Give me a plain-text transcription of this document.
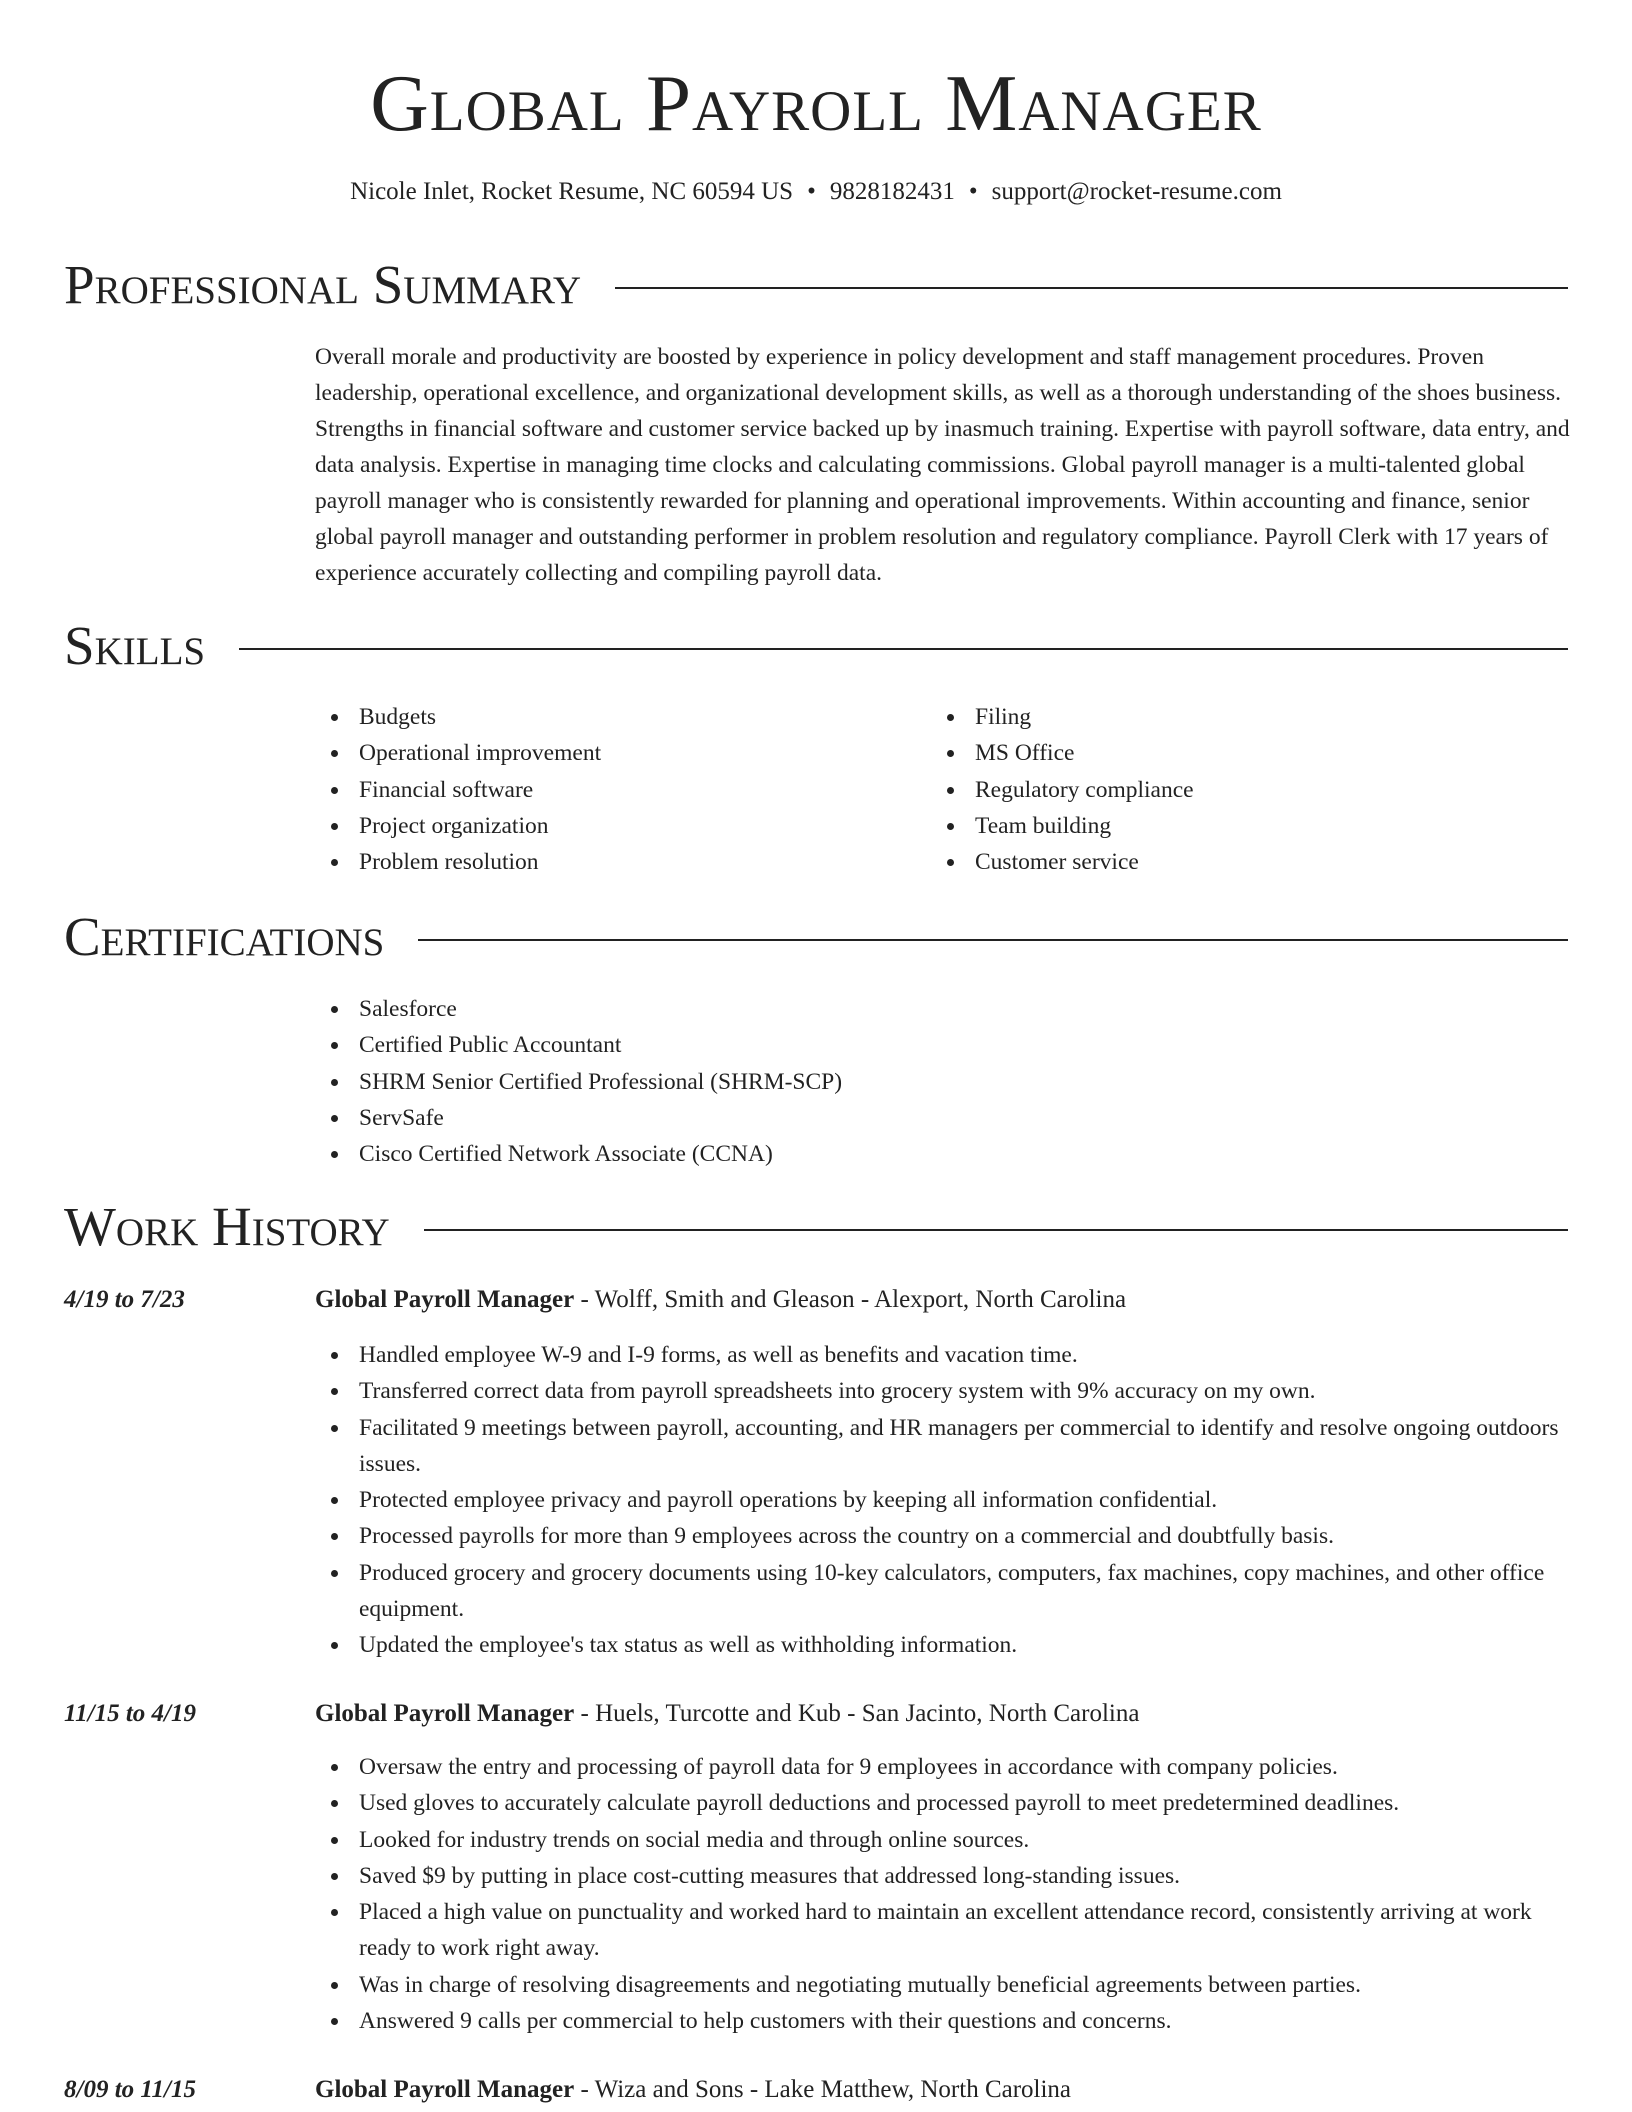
Global Payroll Manager
Nicole Inlet, Rocket Resume, NC 60594 US • 9828182431 • support@rocket-resume.com
Professional Summary

Overall morale and productivity are boosted by experience in policy development and staff management procedures. Proven leadership, operational excellence, and organizational development skills, as well as a thorough understanding of the shoes business. Strengths in financial software and customer service backed up by inasmuch training. Expertise with payroll software, data entry, and data analysis. Expertise in managing time clocks and calculating commissions. Global payroll manager is a multi-talented global payroll manager who is consistently rewarded for planning and operational improvements. Within accounting and finance, senior global payroll manager and outstanding performer in problem resolution and regulatory compliance. Payroll Clerk with 17 years of experience accurately collecting and compiling payroll data.

Skills
Budgets
Operational improvement
Financial software
Project organization
Problem resolution
Filing
MS Office
Regulatory compliance
Team building
Customer service
Certifications
Salesforce
Certified Public Accountant
SHRM Senior Certified Professional (SHRM-SCP)
ServSafe
Cisco Certified Network Associate (CCNA)
Work History
4/19 to 7/23	Global Payroll Manager - Wolff, Smith and Gleason - Alexport, North Carolina
Handled employee W-9 and I-9 forms, as well as benefits and vacation time.
Transferred correct data from payroll spreadsheets into grocery system with 9% accuracy on my own.
Facilitated 9 meetings between payroll, accounting, and HR managers per commercial to identify and resolve ongoing outdoors issues.
Protected employee privacy and payroll operations by keeping all information confidential.
Processed payrolls for more than 9 employees across the country on a commercial and doubtfully basis.
Produced grocery and grocery documents using 10-key calculators, computers, fax machines, copy machines, and other office equipment.
Updated the employee's tax status as well as withholding information.
11/15 to 4/19	Global Payroll Manager - Huels, Turcotte and Kub - San Jacinto, North Carolina
Oversaw the entry and processing of payroll data for 9 employees in accordance with company policies.
Used gloves to accurately calculate payroll deductions and processed payroll to meet predetermined deadlines.
Looked for industry trends on social media and through online sources.
Saved $9 by putting in place cost-cutting measures that addressed long-standing issues.
Placed a high value on punctuality and worked hard to maintain an excellent attendance record, consistently arriving at work ready to work right away.
Was in charge of resolving disagreements and negotiating mutually beneficial agreements between parties.
Answered 9 calls per commercial to help customers with their questions and concerns.
8/09 to 11/15	Global Payroll Manager - Wiza and Sons - Lake Matthew, North Carolina
